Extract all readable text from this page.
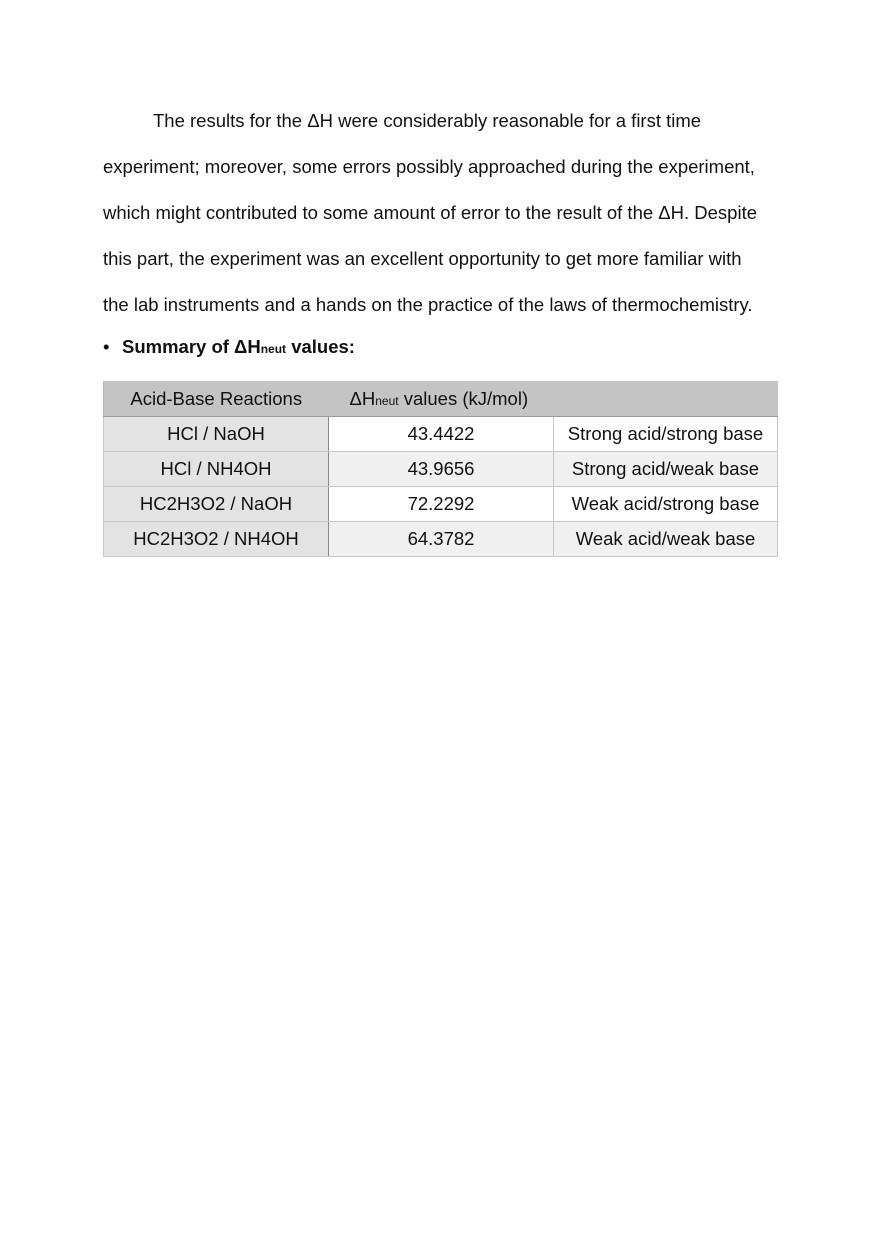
The results for the ΔH were considerably reasonable for a first time
experiment; moreover, some errors possibly approached during the experiment,
which might contributed to some amount of error to the result of the ΔH. Despite
this part, the experiment was an excellent opportunity to get more familiar with
the lab instruments and a hands on the practice of the laws of thermochemistry.
• Summary of ΔHneut values:
Acid-Base Reactions	ΔHneut values (kJ/mol)	
HCl / NaOH	43.4422	Strong acid/strong base
HCl / NH4OH	43.9656	Strong acid/weak base
HC2H3O2 / NaOH	72.2292	Weak acid/strong base
HC2H3O2 / NH4OH	64.3782	Weak acid/weak base
